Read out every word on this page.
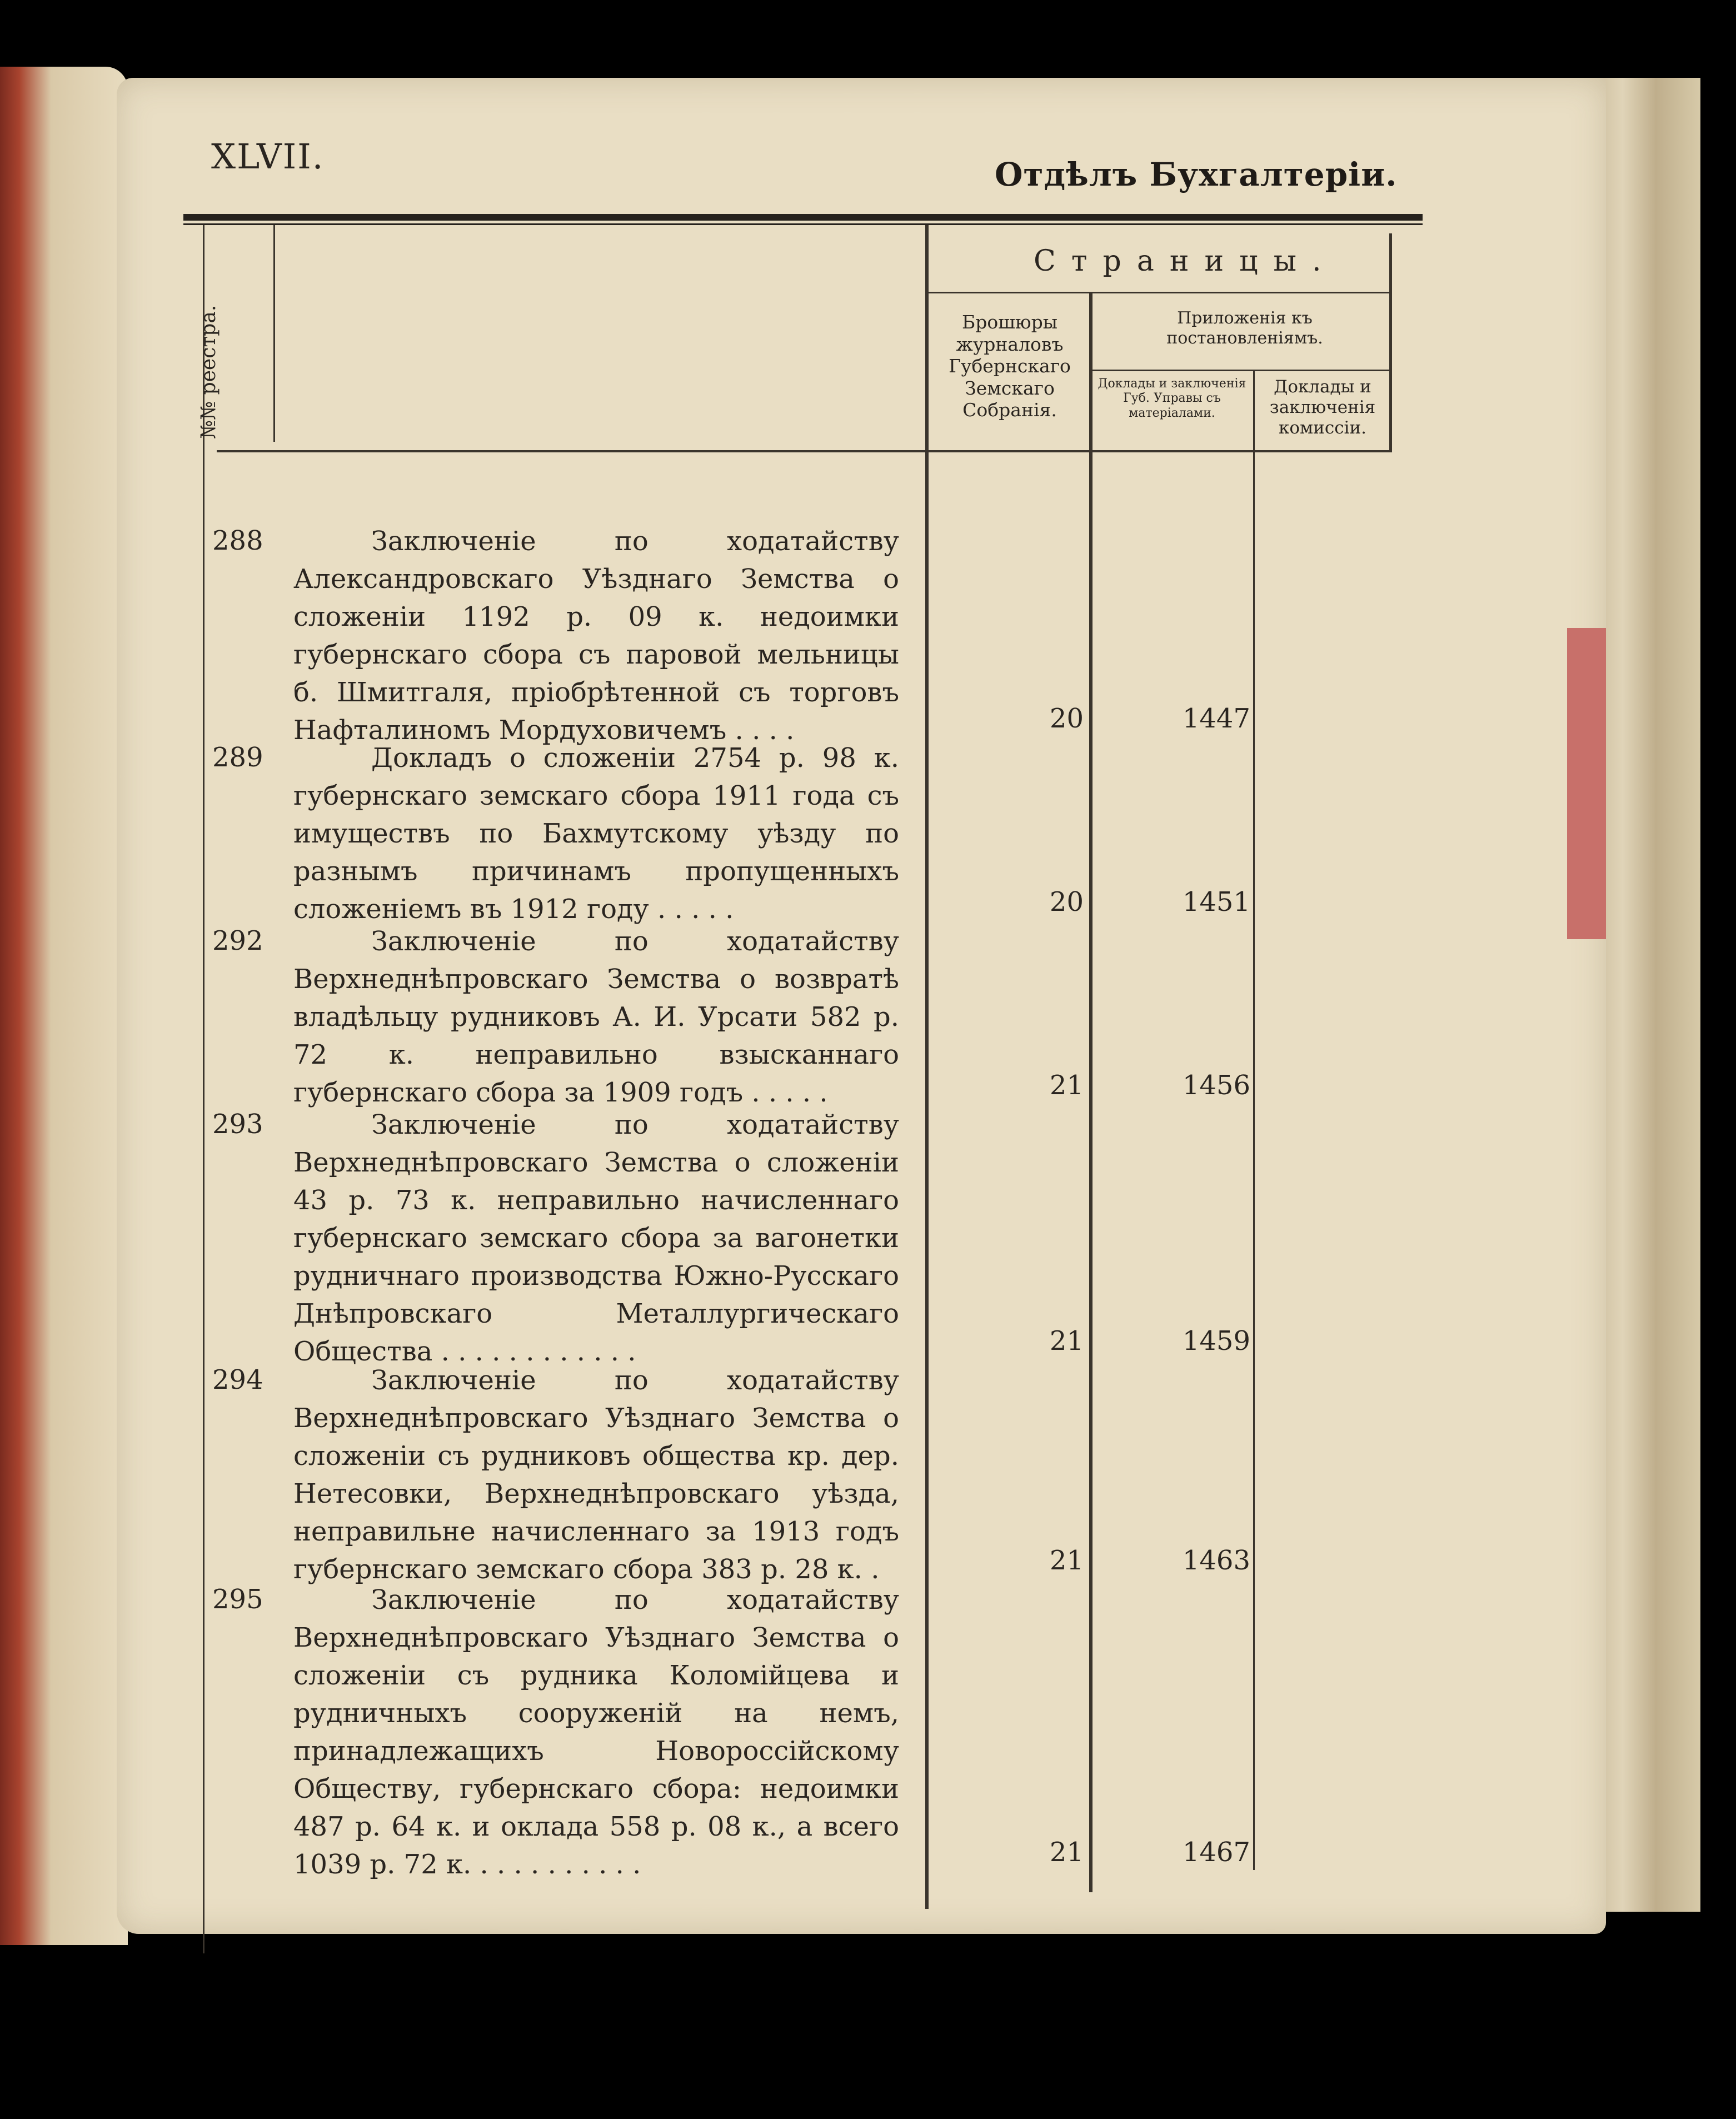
XLVII.	Отдѣлъ Бухгалтеріи.
№№ реестра.
Страницы.
Брошюры журналовъ Губернскаго Земскаго Собранія.
Приложенія къ постановленіямъ.
Доклады и заключенія Губ. Управы съ матеріалами.
Доклады и заключенія комиссіи.
288	Заключеніе по ходатайству Александровскаго Уѣзднаго Земства о сложеніи 1192 р. 09 к. недоимки губернскаго сбора съ паровой мельницы б. Шмитгаля, пріобрѣтенной съ торговъ Нафталиномъ Мордуховичемъ . . . .	20	1447
289	Докладъ о сложеніи 2754 р. 98 к. губернскаго земскаго сбора 1911 года съ имуществъ по Бахмутскому уѣзду по разнымъ причинамъ пропущенныхъ сложеніемъ въ 1912 году . . . . .	20	1451
292	Заключеніе по ходатайству Верхнеднѣпровскаго Земства о возвратѣ владѣльцу рудниковъ А. И. Урсати 582 р. 72 к. неправильно взысканнаго губернскаго сбора за 1909 годъ . . . . .	21	1456
293	Заключеніе по ходатайству Верхнеднѣпровскаго Земства о сложеніи 43 р. 73 к. неправильно начисленнаго губернскаго земскаго сбора за вагонетки рудничнаго производства Южно-Русскаго Днѣпровскаго Металлургическаго Общества . . . . . . . . . . . .	21	1459
294	Заключеніе по ходатайству Верхнеднѣпровскаго Уѣзднаго Земства о сложеніи съ рудниковъ общества кр. дер. Нетесовки, Верхнеднѣпровскаго уѣзда, неправильне начисленнаго за 1913 годъ губернскаго земскаго сбора 383 р. 28 к. .	21	1463
295	Заключеніе по ходатайству Верхнеднѣпровскаго Уѣзднаго Земства о сложеніи съ рудника Коломійцева и рудничныхъ сооруженій на немъ, принадлежащихъ Новороссійскому Обществу, губернскаго сбора: недоимки 487 р. 64 к. и оклада 558 р. 08 к., а всего 1039 р. 72 к. . . . . . . . . . .	21	1467
